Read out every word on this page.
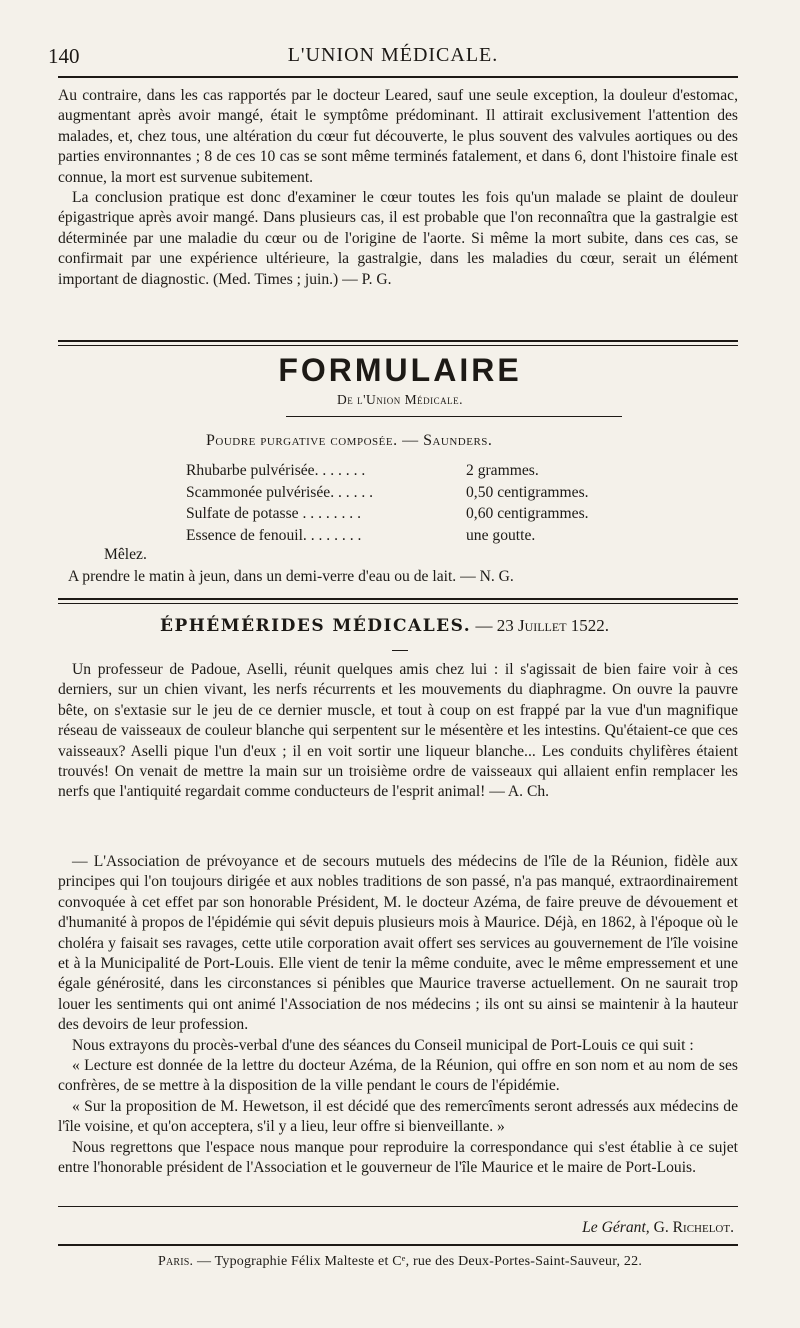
140	L'UNION MÉDICALE.

Au contraire, dans les cas rapportés par le docteur Leared, sauf une seule exception, la douleur d'estomac, augmentant après avoir mangé, était le symptôme prédominant. Il attirait exclusivement l'attention des malades, et, chez tous, une altération du cœur fut découverte, le plus souvent des valvules aortiques ou des parties environnantes ; 8 de ces 10 cas se sont même terminés fatalement, et dans 6, dont l'histoire finale est connue, la mort est survenue subitement.

La conclusion pratique est donc d'examiner le cœur toutes les fois qu'un malade se plaint de douleur épigastrique après avoir mangé. Dans plusieurs cas, il est probable que l'on reconnaîtra que la gastralgie est déterminée par une maladie du cœur ou de l'origine de l'aorte. Si même la mort subite, dans ces cas, se confirmait par une expérience ultérieure, la gastralgie, dans les maladies du cœur, serait un élément important de diagnostic. (Med. Times ; juin.) — P. G.

FORMULAIRE
De l'Union Médicale.
Poudre purgative composée. — Saunders.
Rhubarbe pulvérisée. . . . . . .	2 grammes.
Scammonée pulvérisée. . . . . .	0,50 centigrammes.
Sulfate de potasse . . . . . . . .	0,60 centigrammes.
Essence de fenouil. . . . . . . .	une goutte.
Mêlez.
A prendre le matin à jeun, dans un demi-verre d'eau ou de lait. — N. G.
ÉPHÉMÉRIDES MÉDICALES. — 23 Juillet 1522.

Un professeur de Padoue, Aselli, réunit quelques amis chez lui : il s'agissait de bien faire voir à ces derniers, sur un chien vivant, les nerfs récurrents et les mouvements du diaphragme. On ouvre la pauvre bête, on s'extasie sur le jeu de ce dernier muscle, et tout à coup on est frappé par la vue d'un magnifique réseau de vaisseaux de couleur blanche qui serpentent sur le mésentère et les intestins. Qu'étaient-ce que ces vaisseaux? Aselli pique l'un d'eux ; il en voit sortir une liqueur blanche... Les conduits chylifères étaient trouvés! On venait de mettre la main sur un troisième ordre de vaisseaux qui allaient enfin remplacer les nerfs que l'antiquité regardait comme conducteurs de l'esprit animal! — A. Ch.

— L'Association de prévoyance et de secours mutuels des médecins de l'île de la Réunion, fidèle aux principes qui l'on toujours dirigée et aux nobles traditions de son passé, n'a pas manqué, extraordinairement convoquée à cet effet par son honorable Président, M. le docteur Azéma, de faire preuve de dévouement et d'humanité à propos de l'épidémie qui sévit depuis plusieurs mois à Maurice. Déjà, en 1862, à l'époque où le choléra y faisait ses ravages, cette utile corporation avait offert ses services au gouvernement de l'île voisine et à la Municipalité de Port-Louis. Elle vient de tenir la même conduite, avec le même empressement et une égale générosité, dans les circonstances si pénibles que Maurice traverse actuellement. On ne saurait trop louer les sentiments qui ont animé l'Association de nos médecins ; ils ont su ainsi se maintenir à la hauteur des devoirs de leur profession.

Nous extrayons du procès-verbal d'une des séances du Conseil municipal de Port-Louis ce qui suit :

« Lecture est donnée de la lettre du docteur Azéma, de la Réunion, qui offre en son nom et au nom de ses confrères, de se mettre à la disposition de la ville pendant le cours de l'épidémie.

« Sur la proposition de M. Hewetson, il est décidé que des remercîments seront adressés aux médecins de l'île voisine, et qu'on acceptera, s'il y a lieu, leur offre si bienveillante. »

Nous regrettons que l'espace nous manque pour reproduire la correspondance qui s'est établie à ce sujet entre l'honorable président de l'Association et le gouverneur de l'île Maurice et le maire de Port-Louis.

Le Gérant, G. Richelot.
Paris. — Typographie Félix Malteste et Cᵉ, rue des Deux-Portes-Saint-Sauveur, 22.
